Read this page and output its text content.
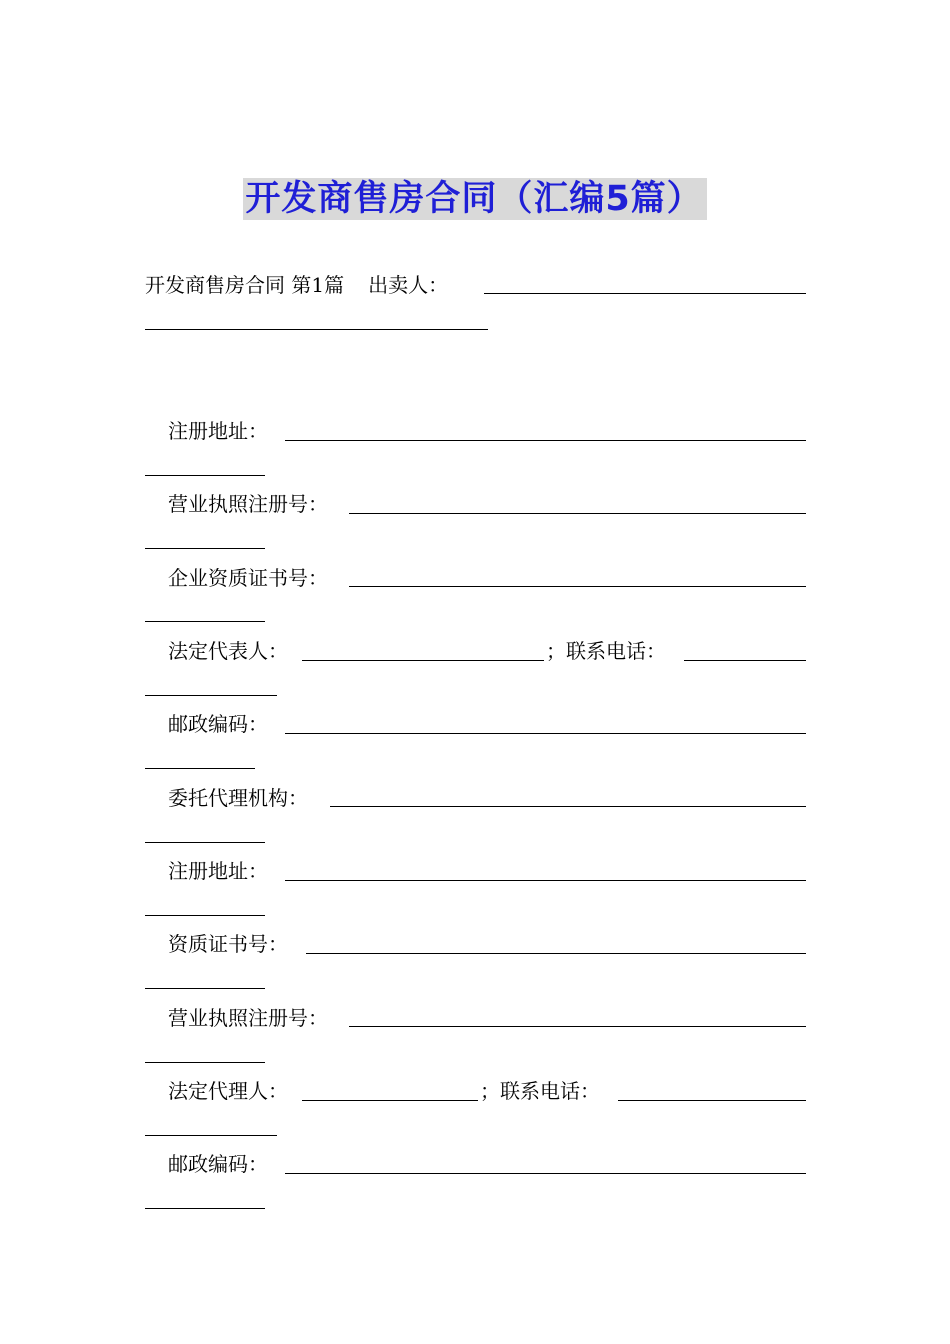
开发商售房合同（汇编5篇）
开发商售房合同 第1篇 出卖人：
注册地址：
营业执照注册号：
企业资质证书号：
法定代表人：	；联系电话：
邮政编码：
委托代理机构：
注册地址：
资质证书号：
营业执照注册号：
法定代理人：	；联系电话：
邮政编码：
